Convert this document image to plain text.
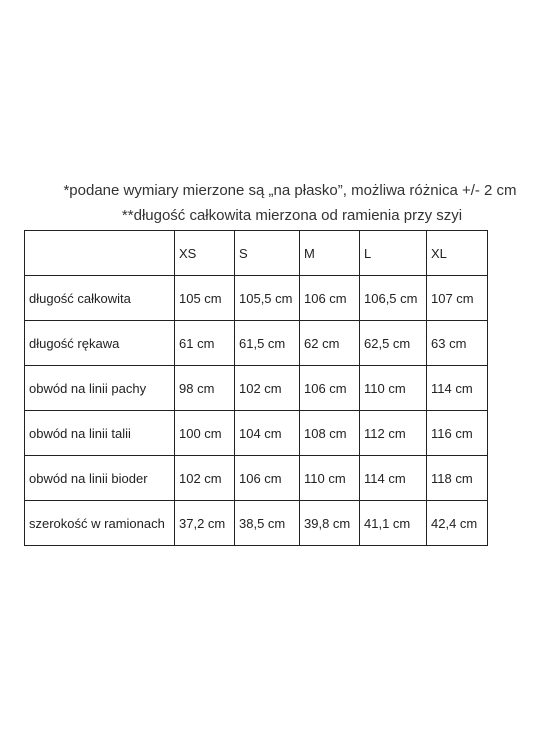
*podane wymiary mierzone są „na płasko”, możliwa różnica +/- 2 cm
**długość całkowita mierzona od ramienia przy szyi
	XS	S	M	L	XL
długość całkowita	105 cm	105,5 cm	106 cm	106,5 cm	107 cm
długość rękawa	61 cm	61,5 cm	62 cm	62,5 cm	63 cm
obwód na linii pachy	98 cm	102 cm	106 cm	110 cm	114 cm
obwód na linii talii	100 cm	104 cm	108 cm	112 cm	116 cm
obwód na linii bioder	102 cm	106 cm	110 cm	114 cm	118 cm
szerokość w ramionach	37,2 cm	38,5 cm	39,8 cm	41,1 cm	42,4 cm
